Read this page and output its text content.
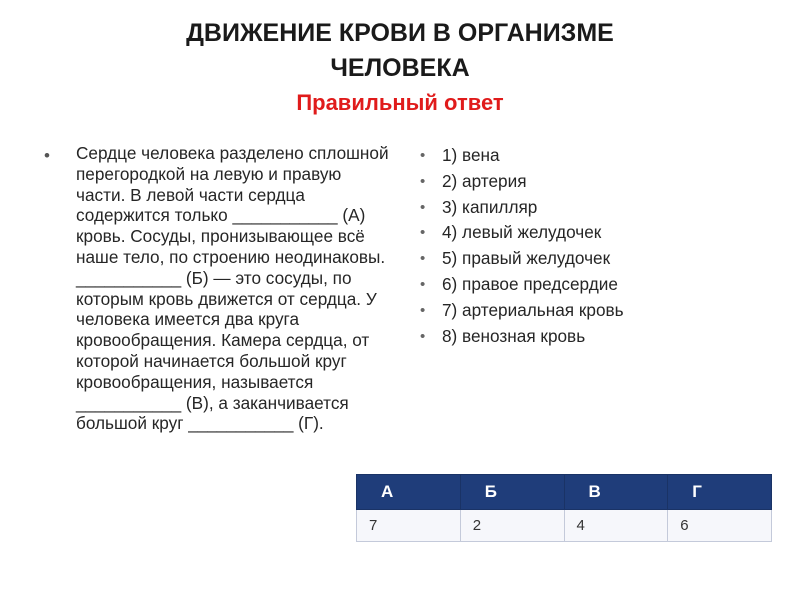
ДВИЖЕНИЕ КРОВИ В ОРГАНИЗМЕ
ЧЕЛОВЕКА
Правильный ответ
• Сердце человека разделено сплошной перегородкой на левую и правую части. В левой части сердца содержится только ___________ (А) кровь. Сосуды, пронизывающее всё наше тело, по строению неодинаковы. ___________ (Б) — это сосуды, по которым кровь движется от сердца. У человека имеется два круга кровообращения. Камера сердца, от которой начинается большой круг кровообращения, называется ___________ (В), а заканчивается большой круг ___________ (Г).
• 1) вена
• 2) артерия
• 3) капилляр
• 4) левый желудочек
• 5) правый желудочек
• 6) правое предсердие
• 7) артериальная кровь
• 8) венозная кровь
А	Б	В	Г
7	2	4	6
